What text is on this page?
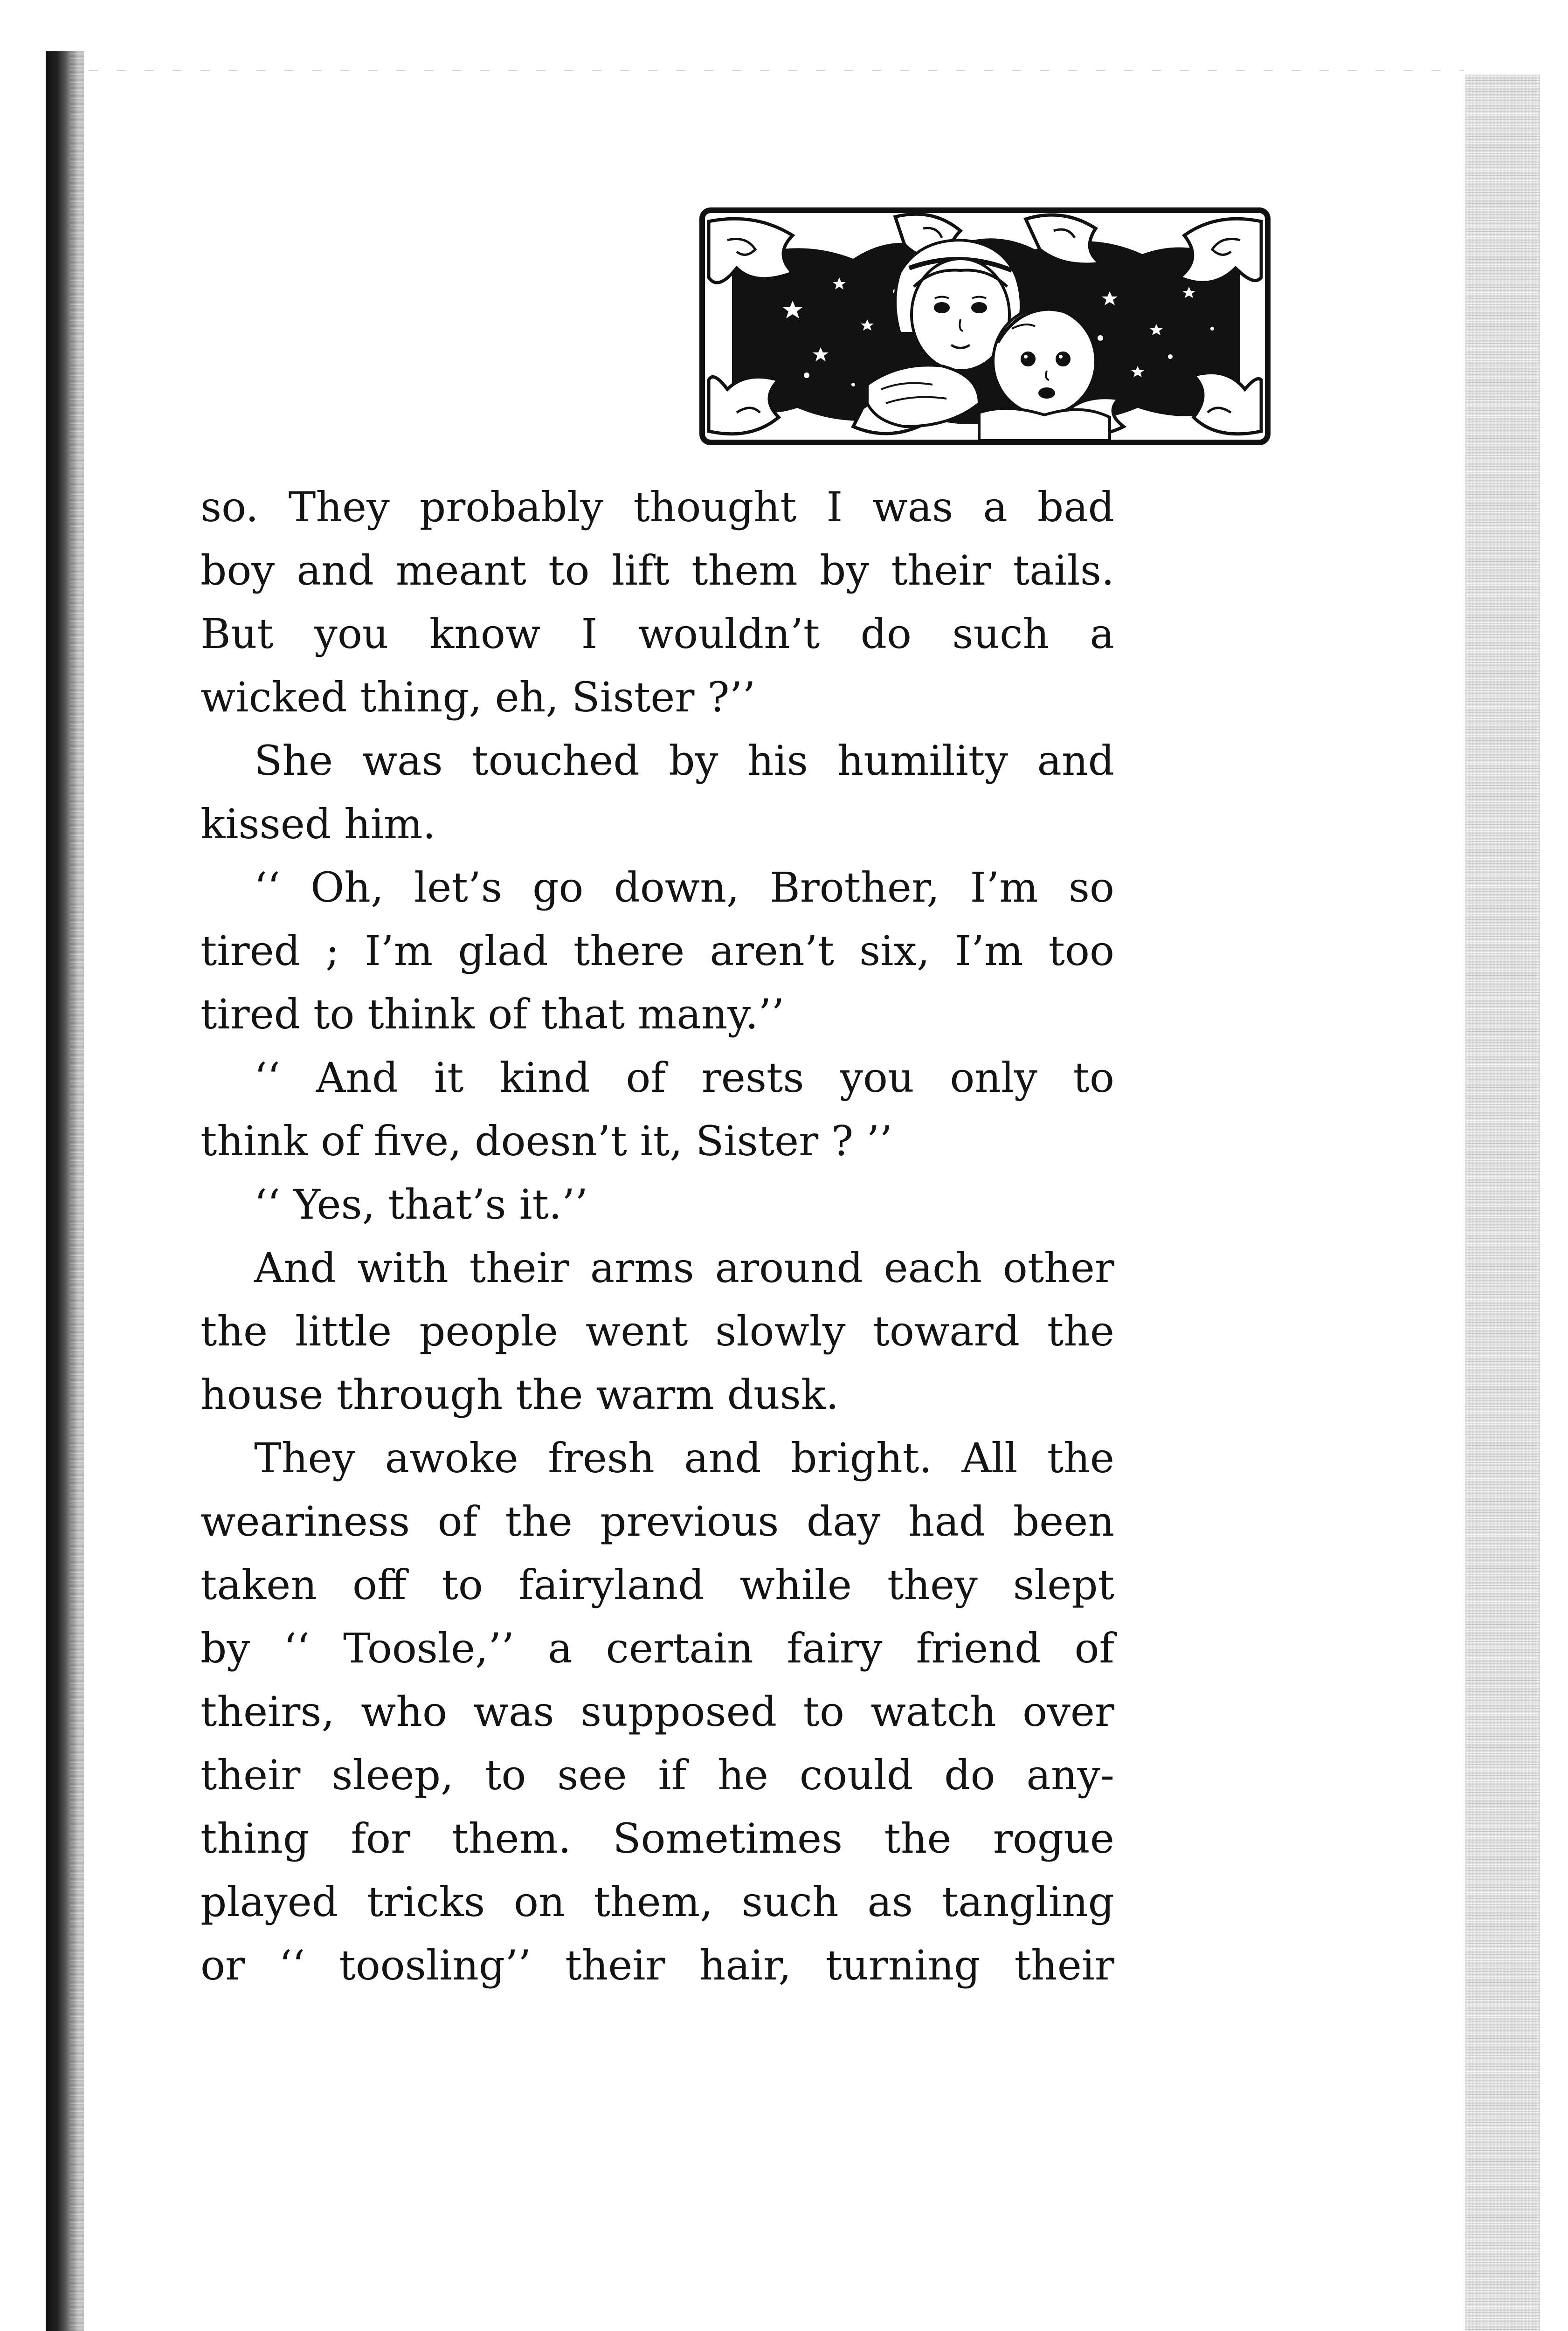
so. They probably thought I was a bad
boy and meant to lift them by their tails.
But you know I wouldn’t do such a
wicked thing, eh, Sister ?’’
She was touched by his humility and
kissed him.
‘‘ Oh, let’s go down, Brother, I’m so
tired ; I’m glad there aren’t six, I’m too
tired to think of that many.’’
‘‘ And it kind of rests you only to
think of five, doesn’t it, Sister ? ’’
‘‘ Yes, that’s it.’’
And with their arms around each other
the little people went slowly toward the
house through the warm dusk.
They awoke fresh and bright. All the
weariness of the previous day had been
taken off to fairyland while they slept
by ‘‘ Toosle,’’ a certain fairy friend of
theirs, who was supposed to watch over
their sleep, to see if he could do any-
thing for them. Sometimes the rogue
played tricks on them, such as tangling
or ‘‘ toosling’’ their hair, turning their
